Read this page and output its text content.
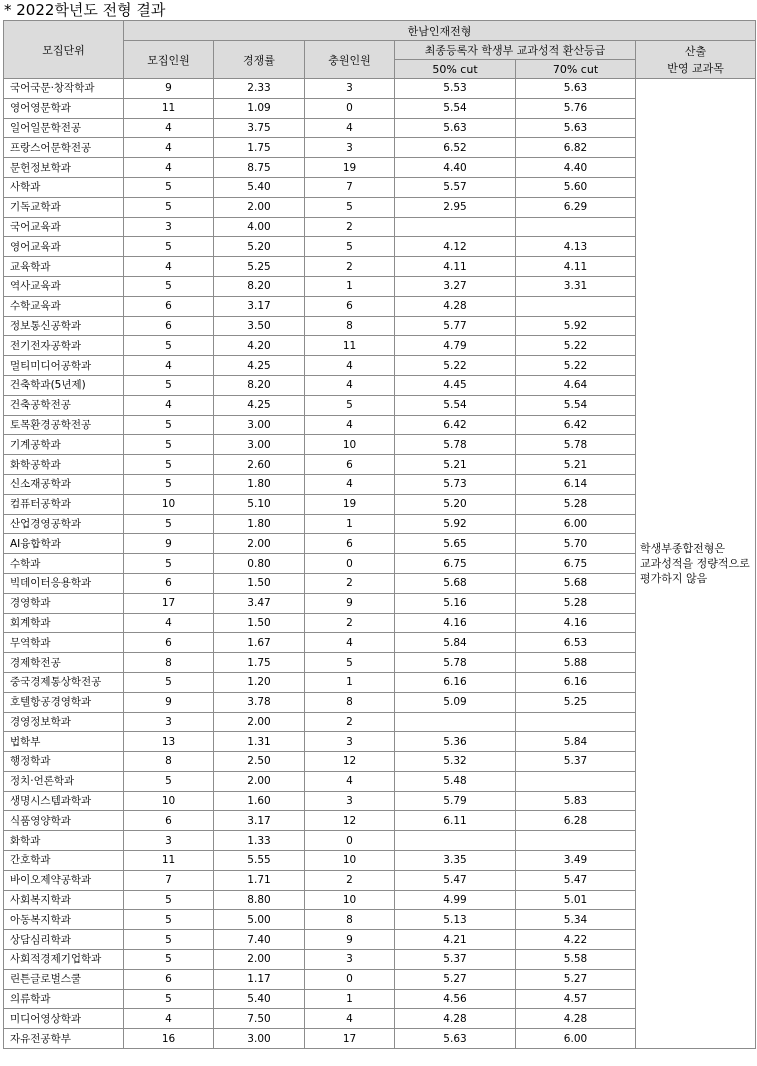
* 2022학년도 전형 결과
모집단위	한남인재전형					
	모집인원	경쟁률	충원인원	최종등록자 학생부 교과성적 환산등급		산출
반영 교과목
				50% cut	70% cut	
국어국문·창작학과	9	2.33	3	5.53	5.63	학생부종합전형은 교과성적을 정량적으로 평가하지 않음
영어영문학과	11	1.09	0	5.54	5.76	
일어일문학전공	4	3.75	4	5.63	5.63	
프랑스어문학전공	4	1.75	3	6.52	6.82	
문헌정보학과	4	8.75	19	4.40	4.40	
사학과	5	5.40	7	5.57	5.60	
기독교학과	5	2.00	5	2.95	6.29	
국어교육과	3	4.00	2			
영어교육과	5	5.20	5	4.12	4.13	
교육학과	4	5.25	2	4.11	4.11	
역사교육과	5	8.20	1	3.27	3.31	
수학교육과	6	3.17	6	4.28		
정보통신공학과	6	3.50	8	5.77	5.92	
전기전자공학과	5	4.20	11	4.79	5.22	
멀티미디어공학과	4	4.25	4	5.22	5.22	
건축학과(5년제)	5	8.20	4	4.45	4.64	
건축공학전공	4	4.25	5	5.54	5.54	
토목환경공학전공	5	3.00	4	6.42	6.42	
기계공학과	5	3.00	10	5.78	5.78	
화학공학과	5	2.60	6	5.21	5.21	
신소재공학과	5	1.80	4	5.73	6.14	
컴퓨터공학과	10	5.10	19	5.20	5.28	
산업경영공학과	5	1.80	1	5.92	6.00	
AI융합학과	9	2.00	6	5.65	5.70	
수학과	5	0.80	0	6.75	6.75	
빅데이터응용학과	6	1.50	2	5.68	5.68	
경영학과	17	3.47	9	5.16	5.28	
회계학과	4	1.50	2	4.16	4.16	
무역학과	6	1.67	4	5.84	6.53	
경제학전공	8	1.75	5	5.78	5.88	
중국경제통상학전공	5	1.20	1	6.16	6.16	
호텔항공경영학과	9	3.78	8	5.09	5.25	
경영정보학과	3	2.00	2			
법학부	13	1.31	3	5.36	5.84	
행정학과	8	2.50	12	5.32	5.37	
정치·언론학과	5	2.00	4	5.48		
생명시스템과학과	10	1.60	3	5.79	5.83	
식품영양학과	6	3.17	12	6.11	6.28	
화학과	3	1.33	0			
간호학과	11	5.55	10	3.35	3.49	
바이오제약공학과	7	1.71	2	5.47	5.47	
사회복지학과	5	8.80	10	4.99	5.01	
아동복지학과	5	5.00	8	5.13	5.34	
상담심리학과	5	7.40	9	4.21	4.22	
사회적경제기업학과	5	2.00	3	5.37	5.58	
린튼글로벌스쿨	6	1.17	0	5.27	5.27	
의류학과	5	5.40	1	4.56	4.57	
미디어영상학과	4	7.50	4	4.28	4.28	
자유전공학부	16	3.00	17	5.63	6.00	
